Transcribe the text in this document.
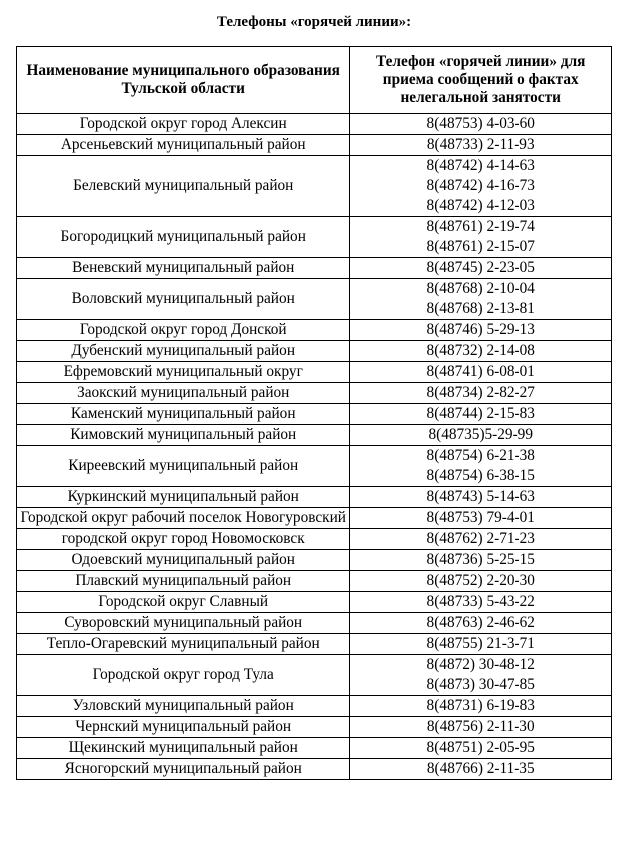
Телефоны «горячей линии»:
Наименование муниципального образования Тульской области	Телефон «горячей линии» для приема сообщений о фактах нелегальной занятости
Городской округ город Алексин	8(48753) 4-03-60

Арсеньевский муниципальный район	8(48733) 2-11-93

Белевский муниципальный район	8(48742) 4-14-63
8(48742) 4-16-73
8(48742) 4-12-03

Богородицкий муниципальный район	8(48761) 2-19-74
8(48761) 2-15-07

Веневский муниципальный район	8(48745) 2-23-05

Воловский муниципальный район	8(48768) 2-10-04
8(48768) 2-13-81

Городской округ город Донской	8(48746) 5-29-13

Дубенский муниципальный район	8(48732) 2-14-08

Ефремовский муниципальный округ	8(48741) 6-08-01

Заокский муниципальный район	8(48734) 2-82-27

Каменский муниципальный район	8(48744) 2-15-83

Кимовский муниципальный район	8(48735)5-29-99

Киреевский муниципальный район	8(48754) 6-21-38
8(48754) 6-38-15

Куркинский муниципальный район	8(48743) 5-14-63

Городской округ рабочий поселок Новогуровский	8(48753) 79-4-01

городской округ город Новомосковск	8(48762) 2-71-23

Одоевский муниципальный район	8(48736) 5-25-15

Плавский муниципальный район	8(48752) 2-20-30

Городской округ Славный	8(48733) 5-43-22

Суворовский муниципальный район	8(48763) 2-46-62

Тепло-Огаревский муниципальный район	8(48755) 21-3-71

Городской округ город Тула	8(4872) 30-48-12
8(4873) 30-47-85

Узловский муниципальный район	8(48731) 6-19-83

Чернский муниципальный район	8(48756) 2-11-30

Щекинский муниципальный район	8(48751) 2-05-95

Ясногорский муниципальный район	8(48766) 2-11-35
